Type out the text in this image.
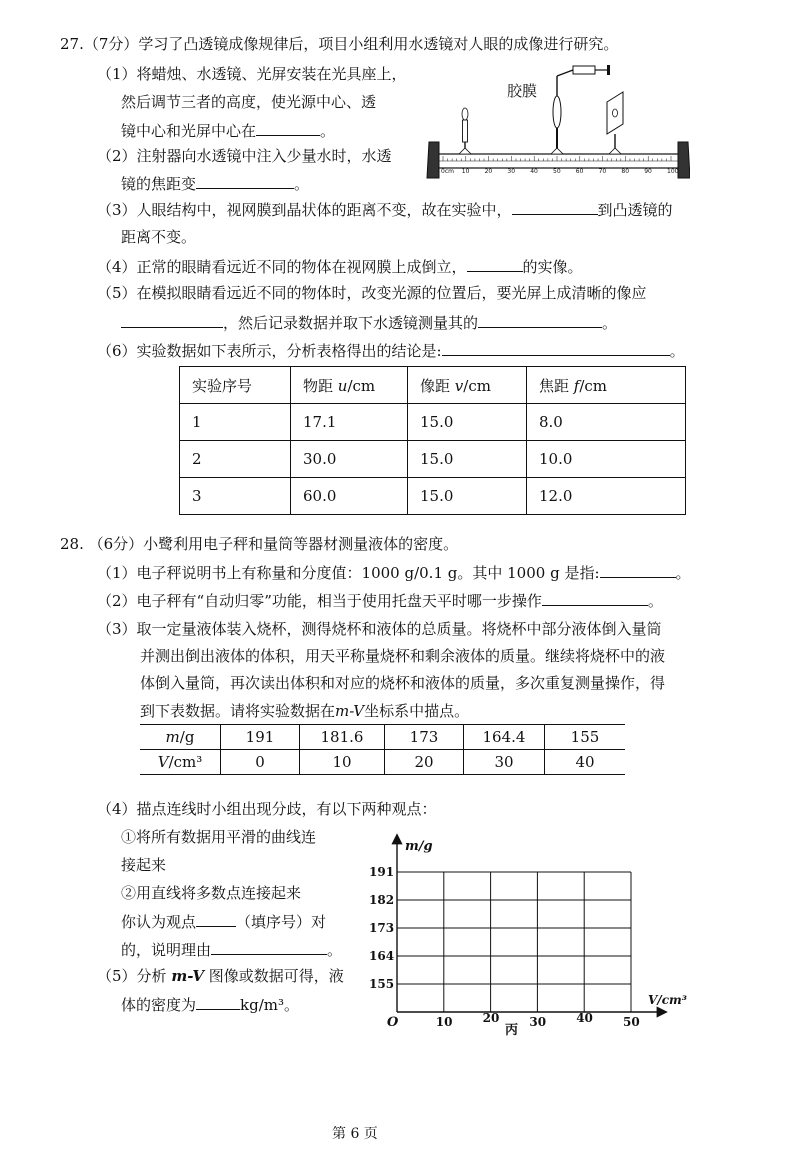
27.（7分）学习了凸透镜成像规律后，项目小组利用水透镜对人眼的成像进行研究。
（1）将蜡烛、水透镜、光屏安装在光具座上，
然后调节三者的高度，使光源中心、透
镜中心和光屏中心在	。
（2）注射器向水透镜中注入少量水时，水透
镜的焦距变	。
0cm 10	20	30	40	50	60	70	80	90	100
胶膜
（3）人眼结构中，视网膜到晶状体的距离不变，故在实验中，	到凸透镜的
距离不变。
（4）正常的眼睛看远近不同的物体在视网膜上成倒立，	的实像。
（5）在模拟眼睛看远近不同的物体时，改变光源的位置后，要光屏上成清晰的像应
，然后记录数据并取下水透镜测量其的	。
（6）实验数据如下表所示，分析表格得出的结论是:	。
实验序号	物距 u/cm	像距 v/cm	焦距 f/cm
1	17.1	15.0	8.0
2	30.0	15.0	10.0
3	60.0	15.0	12.0
28. （6分）小鹭利用电子秤和量筒等器材测量液体的密度。
（1）电子秤说明书上有称量和分度值：1000 g/0.1 g。其中 1000 g 是指:	。
（2）电子秤有“自动归零”功能，相当于使用托盘天平时哪一步操作	。
（3）取一定量液体装入烧杯，测得烧杯和液体的总质量。将烧杯中部分液体倒入量筒
并测出倒出液体的体积，用天平称量烧杯和剩余液体的质量。继续将烧杯中的液
体倒入量筒，再次读出体积和对应的烧杯和液体的质量，多次重复测量操作，得
到下表数据。请将实验数据在m-V坐标系中描点。
m/g	191	181.6	173	164.4	155
V/cm³	0	10	20	30	40
（4）描点连线时小组出现分歧，有以下两种观点：
①将所有数据用平滑的曲线连
接起来
②用直线将多数点连接起来
你认为观点	（填序号）对
的，说明理由	。
（5）分析 m-V 图像或数据可得，液
体的密度为	kg/m³。
m/g
V/cm³
O
191
182
173
164
155
10	20	30	40	50
丙
第 6 页
